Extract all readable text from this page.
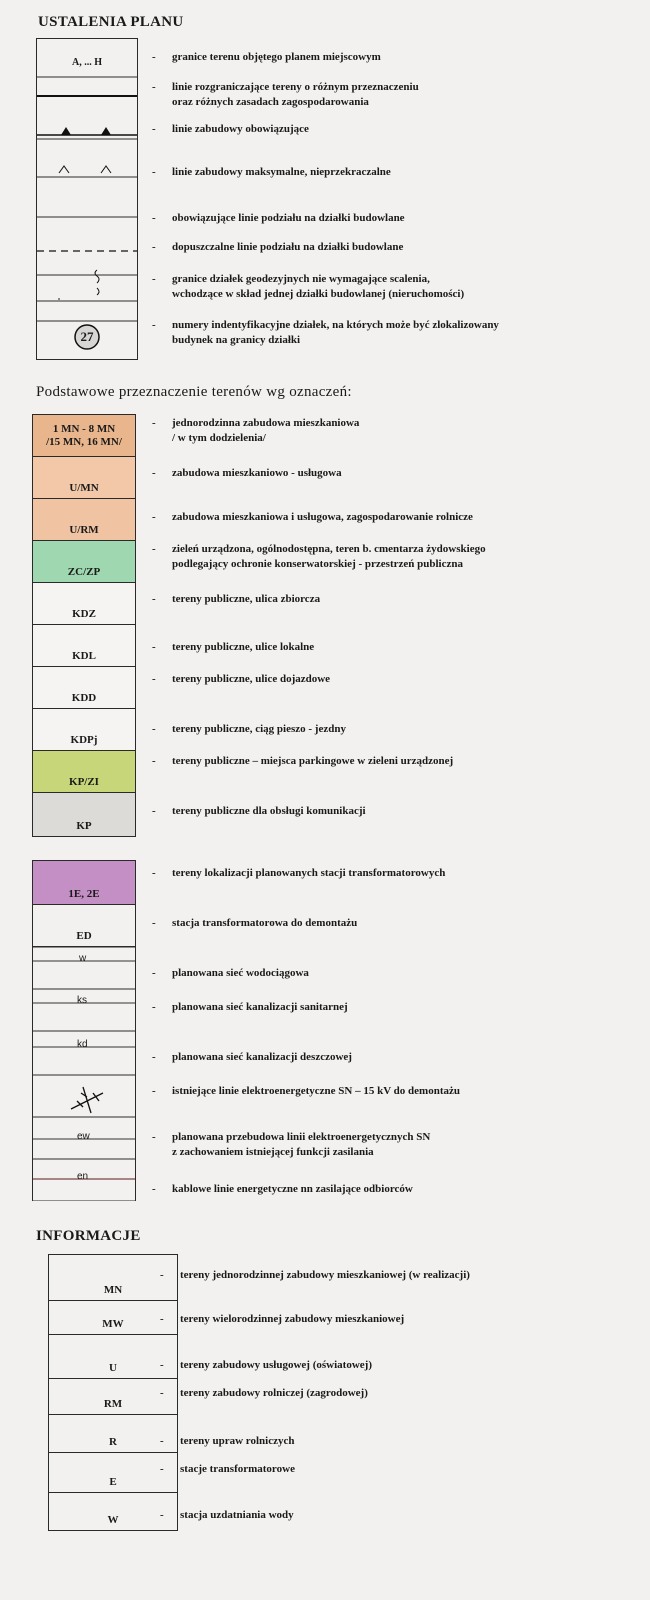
USTALENIA PLANU
A, ... H
27
- granice terenu objętego planem miejscowym
- linie rozgraniczające tereny o różnym przeznaczeniu
oraz różnych zasadach zagospodarowania
- linie zabudowy obowiązujące
- linie zabudowy maksymalne, nieprzekraczalne
- obowiązujące linie podziału na działki budowlane
- dopuszczalne linie podziału na działki budowlane
- granice działek geodezyjnych nie wymagające scalenia,
wchodzące w skład jednej działki budowlanej (nieruchomości)
- numery indentyfikacyjne działek, na których może być zlokalizowany
budynek na granicy działki
Podstawowe przeznaczenie terenów wg oznaczeń:
1 MN - 8 MN
/15 MN, 16 MN/
U/MN
U/RM
ZC/ZP
KDZ
KDL
KDD
KDPj
KP/ZI
KP
- jednorodzinna zabudowa mieszkaniowa
/ w tym dodzielenia/
- zabudowa mieszkaniowo - usługowa
- zabudowa mieszkaniowa i usługowa, zagospodarowanie rolnicze
- zieleń urządzona, ogólnodostępna, teren b. cmentarza żydowskiego
podlegający ochronie konserwatorskiej - przestrzeń publiczna
- tereny publiczne, ulica zbiorcza
- tereny publiczne, ulice lokalne
- tereny publiczne, ulice dojazdowe
- tereny publiczne, ciąg pieszo - jezdny
- tereny publiczne – miejsca parkingowe w zieleni urządzonej
- tereny publiczne dla obsługi komunikacji
1E, 2E
ED
w
ks
kd
ew
en
- tereny lokalizacji planowanych stacji transformatorowych
- stacja transformatorowa do demontażu
- planowana sieć wodociągowa
- planowana sieć kanalizacji sanitarnej
- planowana sieć kanalizacji deszczowej
- istniejące linie elektroenergetyczne SN – 15 kV do demontażu
- planowana przebudowa linii elektroenergetycznych SN
z zachowaniem istniejącej funkcji zasilania
- kablowe linie energetyczne nn zasilające odbiorców
INFORMACJE
MN
MW
U
RM
R
E
W
- tereny jednorodzinnej zabudowy mieszkaniowej (w realizacji)
- tereny wielorodzinnej zabudowy mieszkaniowej
- tereny zabudowy usługowej (oświatowej)
- tereny zabudowy rolniczej (zagrodowej)
- tereny upraw rolniczych
- stacje transformatorowe
- stacja uzdatniania wody
